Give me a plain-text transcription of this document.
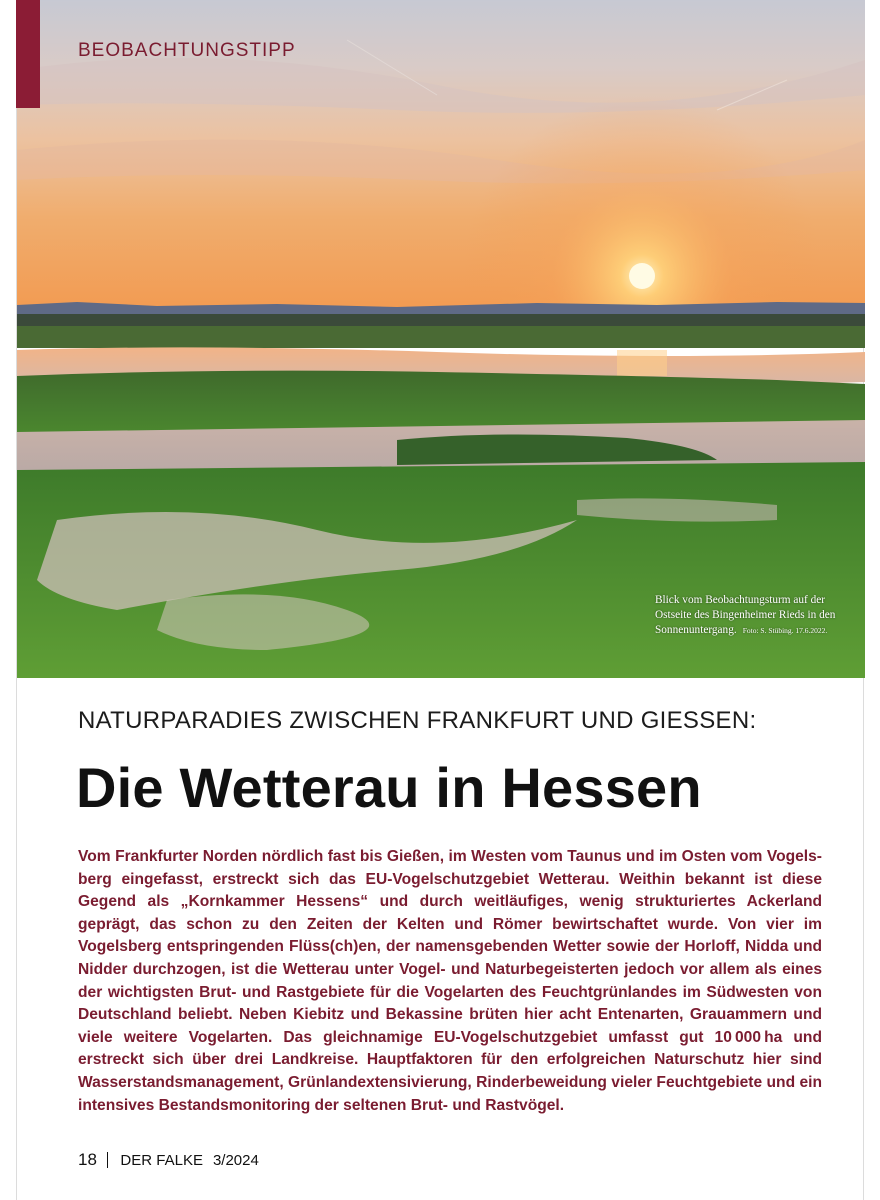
Blick vom Beobachtungsturm auf der Ostseite des Bingenheimer Rieds in den Sonnenuntergang. Foto: S. Stübing. 17.6.2022.
BEOBACHTUNGSTIPP
NATURPARADIES ZWISCHEN FRANKFURT UND GIESSEN:
Die Wetterau in Hessen

Vom Frankfurter Norden nördlich fast bis Gießen, im Westen vom Taunus und im Osten vom Vogelsberg eingefasst, erstreckt sich das EU-Vogelschutzgebiet Wetterau. Weithin bekannt ist diese Gegend als „Kornkammer Hessens“ und durch weitläufiges, wenig strukturiertes Ackerland geprägt, das schon zu den Zeiten der Kelten und Römer bewirtschaftet wurde. Von vier im Vogelsberg entspringenden Flüss(ch)en, der namensgebenden Wetter sowie der Horloff, Nidda und Nidder durchzogen, ist die Wetterau unter Vogel- und Naturbegeisterten jedoch vor allem als eines der wichtigsten Brut- und Rastgebiete für die Vogelarten des Feuchtgrünlandes im Südwesten von Deutschland beliebt. Neben Kiebitz und Bekassine brüten hier acht Entenarten, Grauammern und viele weitere Vogelarten. Das gleichnamige EU-Vogelschutzgebiet umfasst gut 10 000 ha und erstreckt sich über drei Landkreise. Hauptfaktoren für den erfolgreichen Naturschutz hier sind Wasserstandsmanagement, Grünlandextensivierung, Rinderbeweidung vieler Feuchtgebiete und ein intensives Bestandsmonitoring der seltenen Brut- und Rastvögel.

18 DER FALKE 3/2024
